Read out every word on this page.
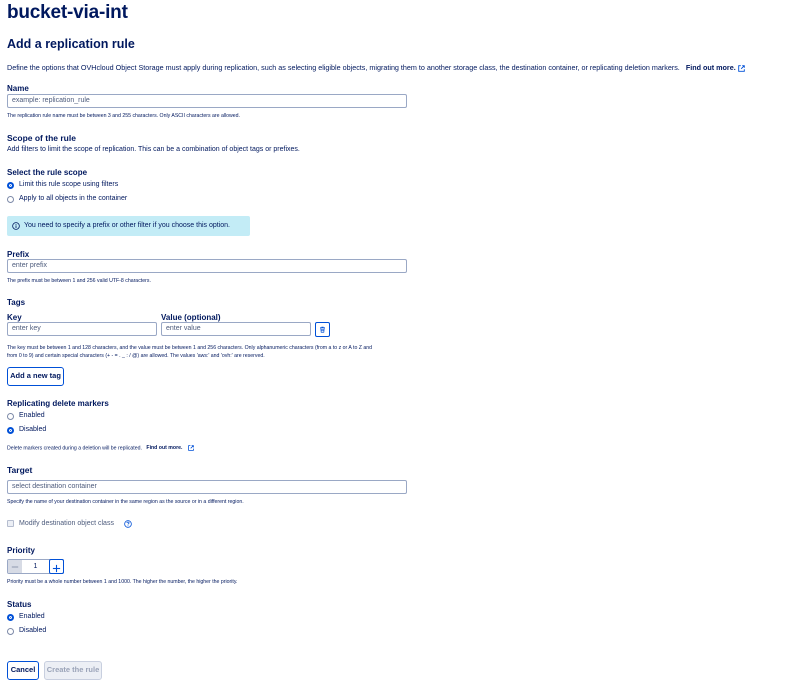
bucket-via-int
Add a replication rule
Define the options that OVHcloud Object Storage must apply during replication, such as selecting eligible objects, migrating them to another storage class, the destination container, or replicating deletion markers. Find out more.
Name
example: replication_rule
The replication rule name must be between 3 and 255 characters. Only ASCII characters are allowed.
Scope of the rule
Add filters to limit the scope of replication. This can be a combination of object tags or prefixes.
Select the rule scope
Limit this rule scope using filters
Apply to all objects in the container
You need to specify a prefix or other filter if you choose this option.
Prefix
enter prefix
The prefix must be between 1 and 256 valid UTF-8 characters.
Tags
Key	Value (optional)
enter key	enter value
The key must be between 1 and 128 characters, and the value must be between 1 and 256 characters. Only alphanumeric characters (from a to z or A to Z and
from 0 to 9) and certain special characters (+ - = . _ : / @) are allowed. The values 'aws:' and 'ovh:' are reserved.
Add a new tag
Replicating delete markers
Enabled
Disabled
Delete markers created during a deletion will be replicated. Find out more.
Target
select destination container
Specify the name of your destination container in the same region as the source or in a different region.
Modify destination object class
Priority
1
Priority must be a whole number between 1 and 1000. The higher the number, the higher the priority.
Status
Enabled
Disabled
Cancel	Create the rule
